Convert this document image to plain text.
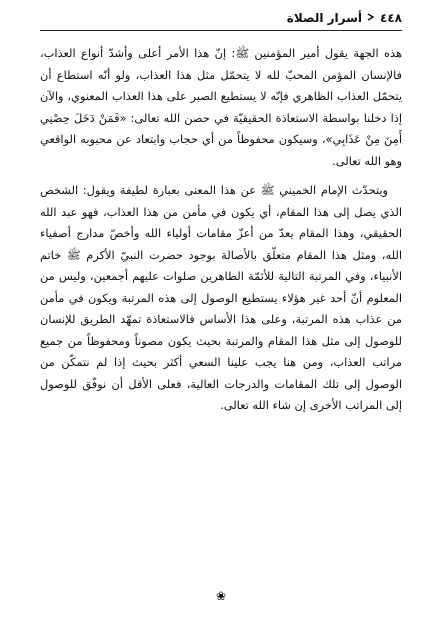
٤٤٨
أسرار الصلاة

هذه الجهة يقول أمير المؤمنين ﷺ: إنّ هذا الأمر أعلى وأشدّ أنواع العذاب، فالإنسان المؤمن المحبّ لله لا يتحمّل مثل هذا العذاب، ولو أنّه استطاع أن يتحمّل العذاب الظاهري فإنّه لا يستطيع الصبر على هذا العذاب المعنوي، والآن إذا دخلنا بواسطة الاستعاذة الحقيقيّة في حصن الله تعالى: «فَمَنْ دَخَلَ حِصْنِي أَمِنَ مِنْ عَذَابِي»، وسيكون محفوظاً من أي حجاب وابتعاد عن محبوبه الواقعي وهو الله تعالى.

ويتحدّث الإمام الخميني ﷺ عن هذا المعنى بعبارة لطيفة ويقول: الشخص الذي يصل إلى هذا المقام، أي يكون في مأمن من هذا العذاب، فهو عبد الله الحقيقي، وهذا المقام يعدّ من أعزّ مقامات أولياء الله وأخصّ مدارج أصفياء الله، ومثل هذا المقام متعلّق بالأصالة بوجود حضرت النبيّ الأكرم ﷺ خاتم الأنبياء، وفي المرتبة التالية للأئمّة الطاهرين صلوات عليهم أجمعين، وليس من المعلوم أنّ أحد غير هؤلاء يستطيع الوصول إلى هذه المرتبة ويكون في مأمن من عذاب هذه المرتبة، وعلى هذا الأساس فالاستعاذة تمهّد الطريق للإنسان للوصول إلى مثل هذا المقام والمرتبة بحيث يكون مصوناً ومحفوظاً من جميع مراتب العذاب، ومن هنا يجب علينا السعي أكثر بحيث إذا لم نتمكّن من الوصول إلى تلك المقامات والدرجات العالية، فعلى الأقل أن نوفّق للوصول إلى المراتب الأخرى إن شاء الله تعالى.

❀
